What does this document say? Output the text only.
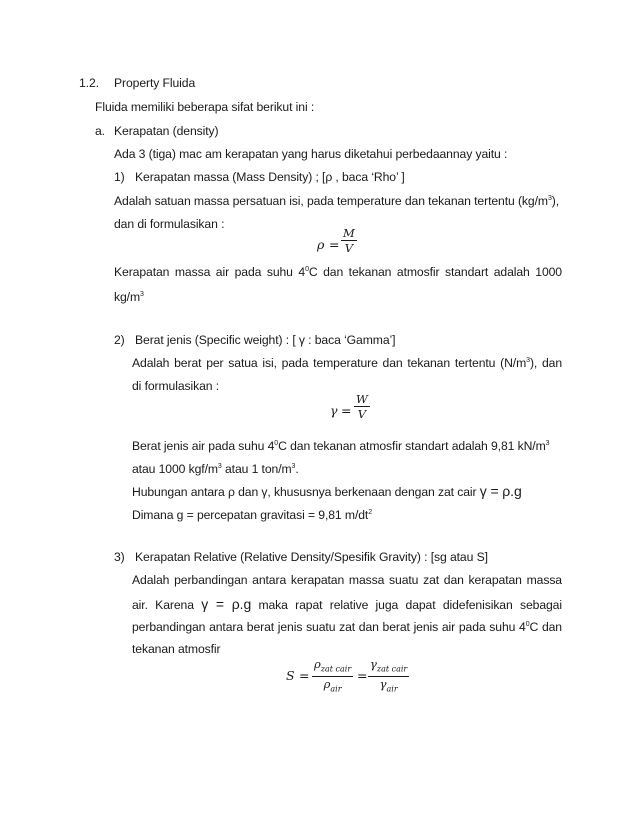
1.2. Property Fluida
Fluida memiliki beberapa sifat berikut ini :
a. Kerapatan (density)
Ada 3 (tiga) mac am kerapatan yang harus diketahui perbedaannay yaitu :
1) Kerapatan massa (Mass Density) ; [ρ , baca ‘Rho’ ]
Adalah satuan massa persatuan isi, pada temperature dan tekanan tertentu $(kg/m^3)$,
dan di formulasikan :
$\rho = \frac{M}{V}$
Kerapatan massa air pada suhu $4^0C$ dan tekanan atmosfir standart adalah 1000
$kg/m^3$
2) Berat jenis (Specific weight) : [ γ : baca ‘Gamma’]
Adalah berat per satua isi, pada temperature dan tekanan tertentu $(N/m^3)$, dan
di formulasikan :
$\gamma = \frac{W}{V}$
Berat jenis air pada suhu $4^0C$ dan tekanan atmosfir standart adalah 9,81 $kN/m^3$
atau 1000 kgf/$m^3$ atau 1 ton/$m^3$.
Hubungan antara ρ dan γ, khususnya berkenaan dengan zat cair γ = ρ.g
Dimana g = percepatan gravitasi = 9,81 $m/dt^2$
3) Kerapatan Relative (Relative Density/Spesifik Gravity) : [sg atau S]
Adalah perbandingan antara kerapatan massa suatu zat dan kerapatan massa
air. Karena γ = ρ.g maka rapat relative juga dapat didefenisikan sebagai
perbandingan antara berat jenis suatu zat dan berat jenis air pada suhu $4^0C$ dan
tekanan atmosfir
S =
$\rho_{zat cair}$
$\rho_{air}$
=
$\gamma_{zat cair}$
$\gamma_{air}$
